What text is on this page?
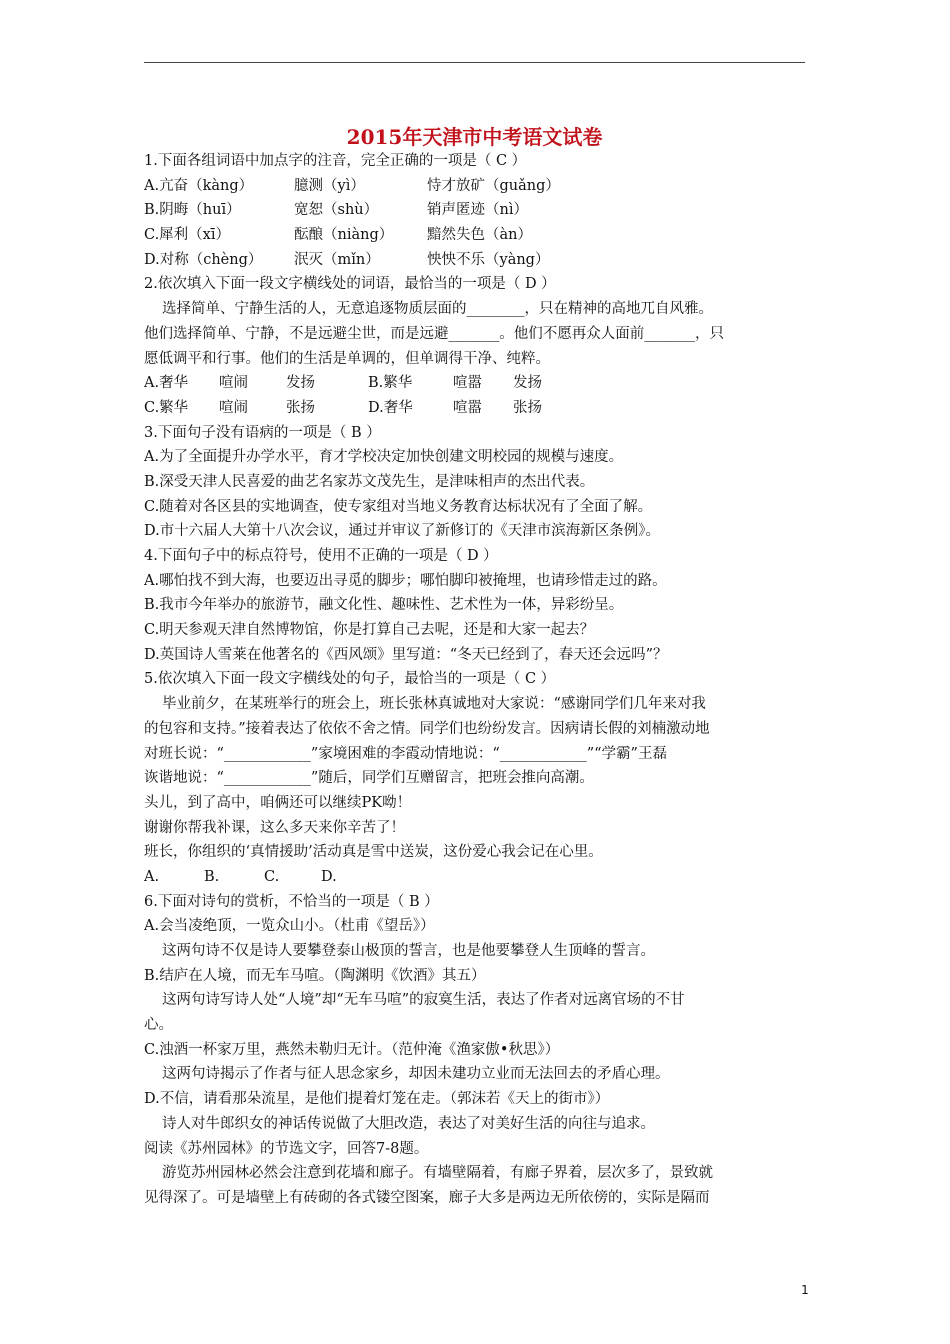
2015年天津市中考语文试卷
1.下面各组词语中加点字的注音，完全正确的一项是（ C ）
A.亢奋（kàng）	臆测（yì）	恃才放矿（guǎng）
B.阴晦（huī）	宽恕（shù）	销声匿迹（nì）
C.犀利（xī）	酝酿（niàng） 黯然失色（àn）
D.对称（chèng） 泯灭（mǐn）	怏怏不乐（yàng）
2.依次填入下面一段文字横线处的词语，最恰当的一项是（ D ）
选择简单、宁静生活的人，无意追逐物质层面的________，只在精神的高地兀自风雅。
他们选择简单、宁静，不是远避尘世，而是远避_______。他们不愿再众人面前_______，只
愿低调平和行事。他们的生活是单调的，但单调得干净、纯粹。
A.奢华 喧闹	发扬	B.繁华	喧嚣 发扬
C.繁华 喧闹	张扬	D.奢华	喧嚣 张扬
3.下面句子没有语病的一项是（ B ）
A.为了全面提升办学水平，育才学校决定加快创建文明校园的规模与速度。
B.深受天津人民喜爱的曲艺名家苏文茂先生，是津味相声的杰出代表。
C.随着对各区县的实地调查，使专家组对当地义务教育达标状况有了全面了解。
D.市十六届人大第十八次会议，通过并审议了新修订的《天津市滨海新区条例》。
4.下面句子中的标点符号，使用不正确的一项是（ D ）
A.哪怕找不到大海，也要迈出寻觅的脚步；哪怕脚印被掩埋，也请珍惜走过的路。
B.我市今年举办的旅游节，融文化性、趣味性、艺术性为一体，异彩纷呈。
C.明天参观天津自然博物馆，你是打算自己去呢，还是和大家一起去？
D.英国诗人雪莱在他著名的《西风颂》里写道：“冬天已经到了，春天还会远吗”？
5.依次填入下面一段文字横线处的句子，最恰当的一项是（ C ）
毕业前夕，在某班举行的班会上，班长张林真诚地对大家说：“感谢同学们几年来对我
的包容和支持。”接着表达了依依不舍之情。同学们也纷纷发言。因病请长假的刘楠激动地
对班长说：“____________”家境困难的李霞动情地说：“____________”“学霸”王磊
诙谐地说：“____________”随后，同学们互赠留言，把班会推向高潮。
头儿，到了高中，咱俩还可以继续PK呦！
谢谢你帮我补课，这么多天来你辛苦了！
班长，你组织的‘真情援助’活动真是雪中送炭，这份爱心我会记在心里。
A.	B.	C.	D.
6.下面对诗句的赏析，不恰当的一项是（ B ）
A.会当凌绝顶，一览众山小。（杜甫《望岳》）
这两句诗不仅是诗人要攀登泰山极顶的誓言，也是他要攀登人生顶峰的誓言。
B.结庐在人境，而无车马喧。（陶渊明《饮酒》其五）
这两句诗写诗人处“人境”却“无车马喧”的寂寞生活，表达了作者对远离官场的不甘
心。
C.浊酒一杯家万里，燕然未勒归无计。（范仲淹《渔家傲•秋思》）
这两句诗揭示了作者与征人思念家乡，却因未建功立业而无法回去的矛盾心理。
D.不信，请看那朵流星，是他们提着灯笼在走。（郭沫若《天上的街市》）
诗人对牛郎织女的神话传说做了大胆改造，表达了对美好生活的向往与追求。
阅读《苏州园林》的节选文字，回答7-8题。
游览苏州园林必然会注意到花墙和廊子。有墙壁隔着，有廊子界着，层次多了，景致就
见得深了。可是墙壁上有砖砌的各式镂空图案，廊子大多是两边无所依傍的，实际是隔而
1
